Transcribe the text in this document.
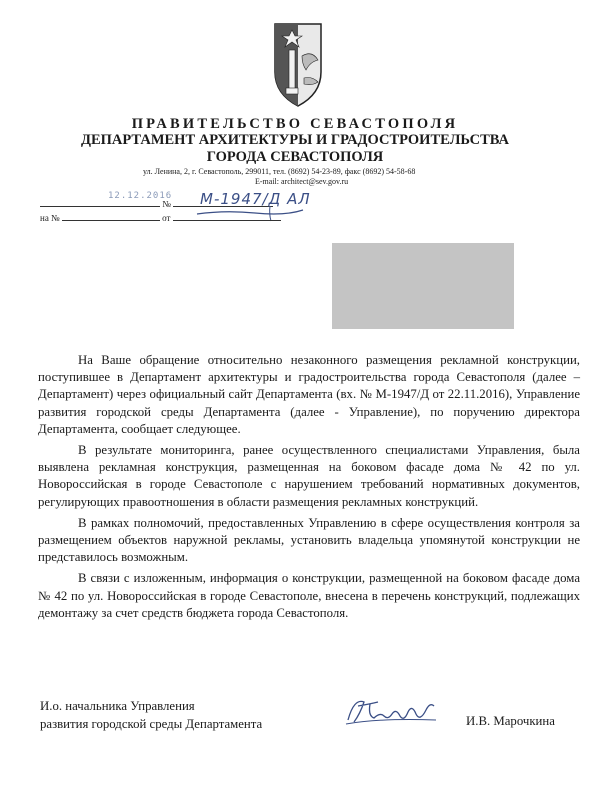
ПРАВИТЕЛЬСТВО СЕВАСТОПОЛЯ
ДЕПАРТАМЕНТ АРХИТЕКТУРЫ И ГРАДОСТРОИТЕЛЬСТВА
ГОРОДА СЕВАСТОПОЛЯ
ул. Ленина, 2, г. Севастополь, 299011, тел. (8692) 54-23-89, факс (8692) 54-58-68
E-mail: architect@sev.gov.ru
№
12.12.2016 М-1947/Д АЛ
на №	от

На Ваше обращение относительно незаконного размещения рекламной конструкции, поступившее в Департамент архитектуры и градостроительства города Севастополя (далее – Департамент) через официальный сайт Департамента (вх. № М-1947/Д от 22.11.2016), Управление развития городской среды Департамента (далее - Управление), по поручению директора Департамента, сообщает следующее.

В результате мониторинга, ранее осуществленного специалистами Управления, была выявлена рекламная конструкция, размещенная на боковом фасаде дома № 42 по ул. Новороссийская в городе Севастополе с нарушением требований нормативных документов, регулирующих правоотношения в области размещения рекламных конструкций.

В рамках полномочий, предоставленных Управлению в сфере осуществления контроля за размещением объектов наружной рекламы, установить владельца упомянутой конструкции не представилось возможным.

В связи с изложенным, информация о конструкции, размещенной на боковом фасаде дома № 42 по ул. Новороссийская в городе Севастополе, внесена в перечень конструкций, подлежащих демонтажу за счет средств бюджета города Севастополя.

И.о. начальника Управления
развития городской среды Департамента	И.В. Марочкина
